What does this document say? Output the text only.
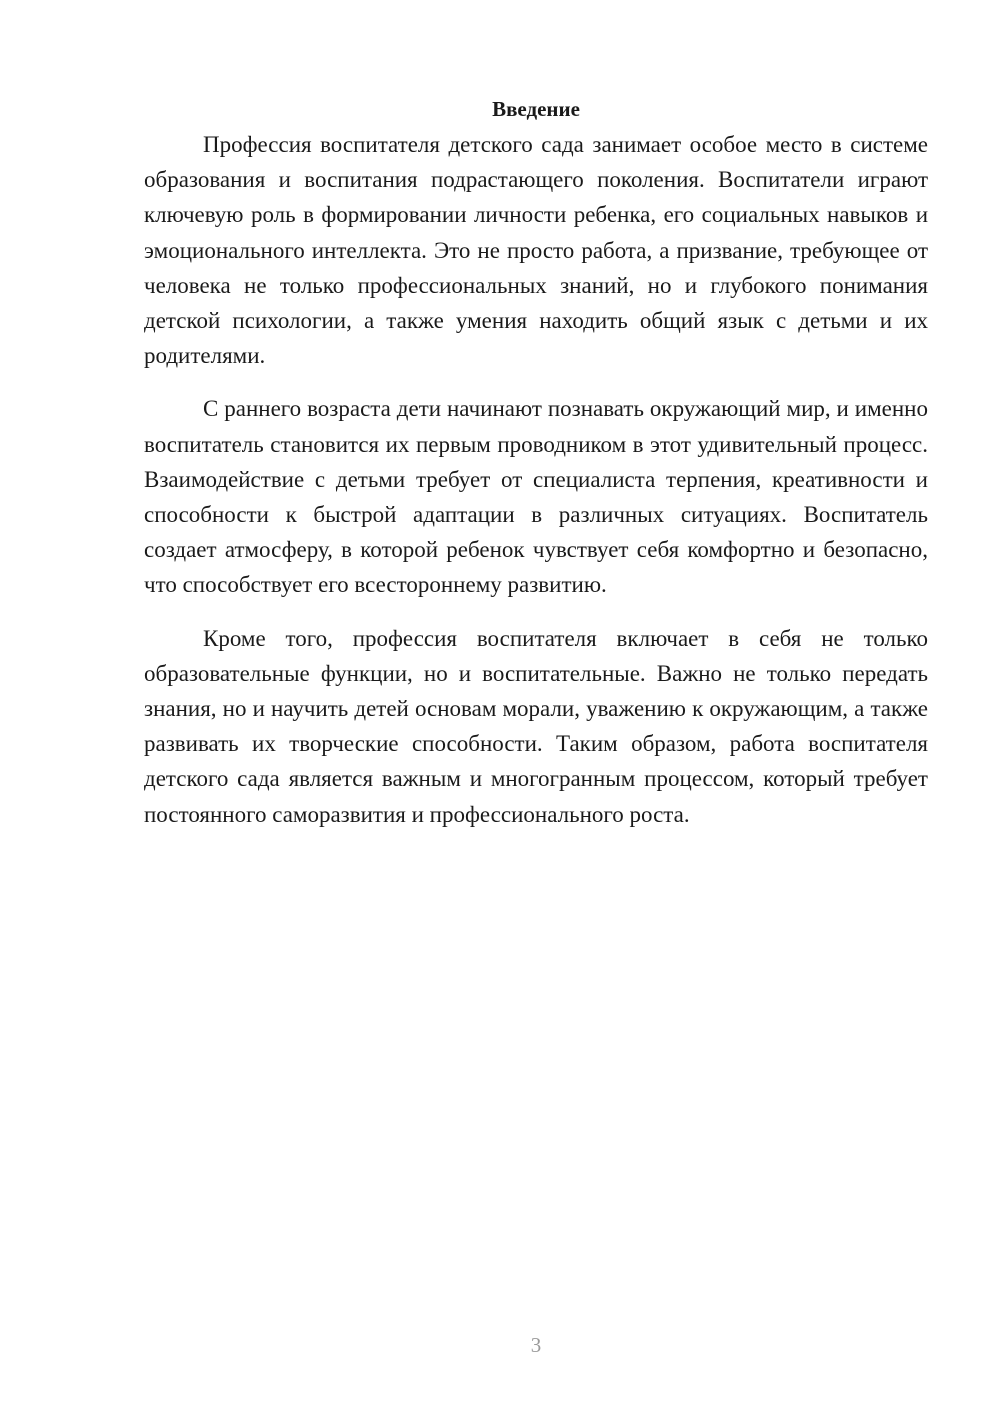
Введение

Профессия воспитателя детского сада занимает особое место в системе образования и воспитания подрастающего поколения. Воспитатели играют ключевую роль в формировании личности ребенка, его социальных навыков и эмоционального интеллекта. Это не просто работа, а призвание, требующее от человека не только профессиональных знаний, но и глубокого понимания детской психологии, а также умения находить общий язык с детьми и их родителями.

С раннего возраста дети начинают познавать окружающий мир, и именно воспитатель становится их первым проводником в этот удивительный процесс. Взаимодействие с детьми требует от специалиста терпения, креативности и способности к быстрой адаптации в различных ситуациях. Воспитатель создает атмосферу, в которой ребенок чувствует себя комфортно и безопасно, что способствует его всестороннему развитию.

Кроме того, профессия воспитателя включает в себя не только образовательные функции, но и воспитательные. Важно не только передать знания, но и научить детей основам морали, уважению к окружающим, а также развивать их творческие способности. Таким образом, работа воспитателя детского сада является важным и многогранным процессом, который требует постоянного саморазвития и профессионального роста.

3
